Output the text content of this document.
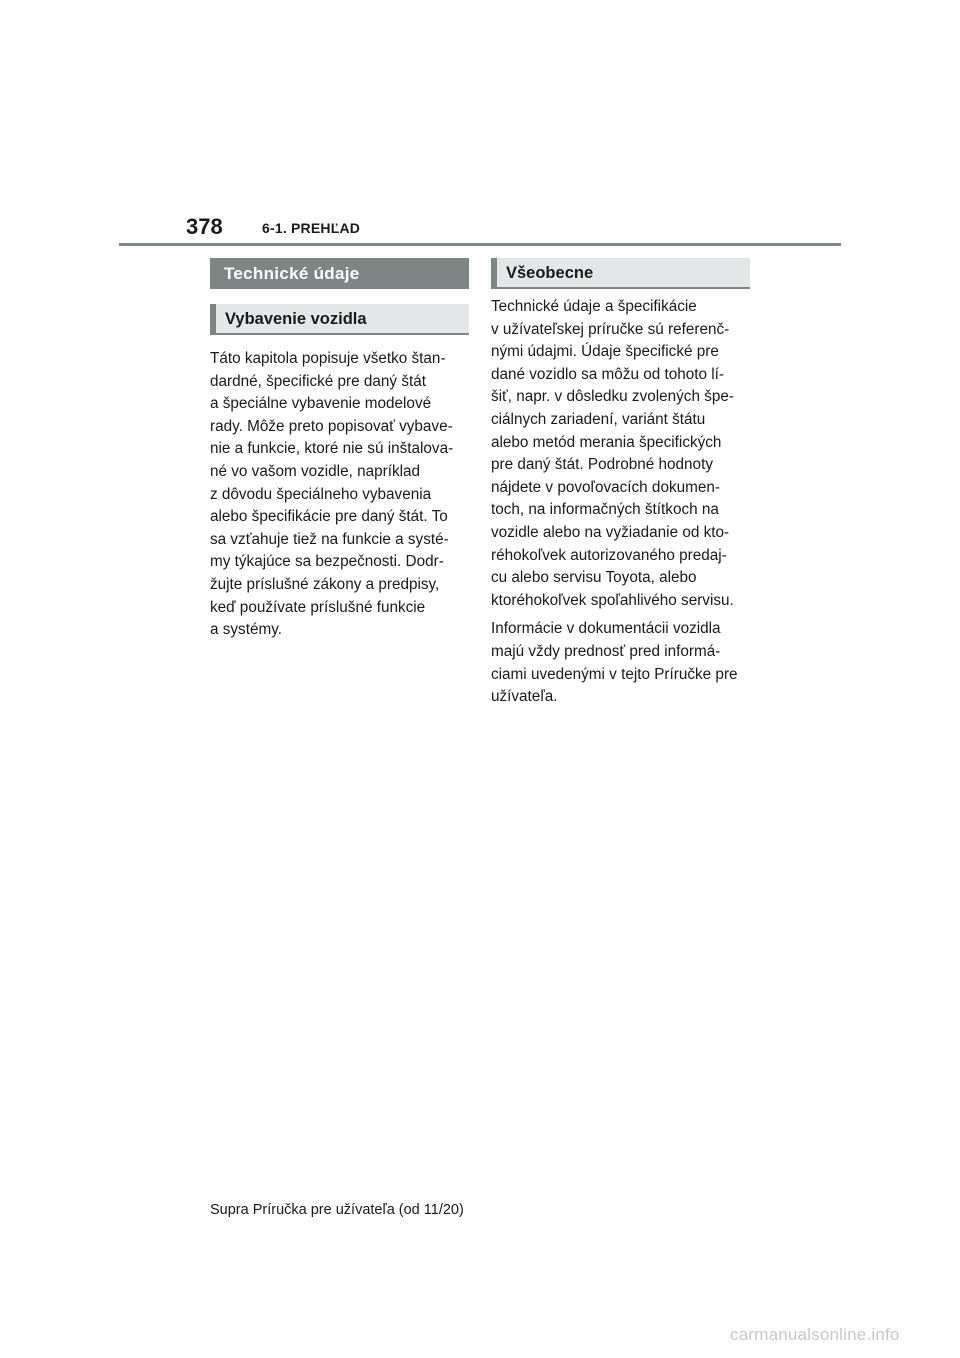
378	6-1. PREHĽAD
Technické údaje
Vybavenie vozidla

Táto kapitola popisuje všetko štan-
dardné, špecifické pre daný štát
a špeciálne vybavenie modelové
rady. Môže preto popisovať vybave-
nie a funkcie, ktoré nie sú inštalova-
né vo vašom vozidle, napríklad
z dôvodu špeciálneho vybavenia
alebo špecifikácie pre daný štát. To
sa vzťahuje tiež na funkcie a systé-
my týkajúce sa bezpečnosti. Dodr-
žujte príslušné zákony a predpisy,
keď používate príslušné funkcie
a systémy.

Všeobecne

Technické údaje a špecifikácie
v užívateľskej príručke sú referenč-
nými údajmi. Údaje špecifické pre
dané vozidlo sa môžu od tohoto lí-
šiť, napr. v dôsledku zvolených špe-
ciálnych zariadení, variánt štátu
alebo metód merania špecifických
pre daný štát. Podrobné hodnoty
nájdete v povoľovacích dokumen-
toch, na informačných štítkoch na
vozidle alebo na vyžiadanie od kto-
réhokoľvek autorizovaného predaj-
cu alebo servisu Toyota, alebo
ktoréhokoľvek spoľahlivého servisu.

Informácie v dokumentácii vozidla
majú vždy prednosť pred informá-
ciami uvedenými v tejto Príručke pre
užívateľa.

Supra Príručka pre užívateľa (od 11/20)
carmanualsonline.info
